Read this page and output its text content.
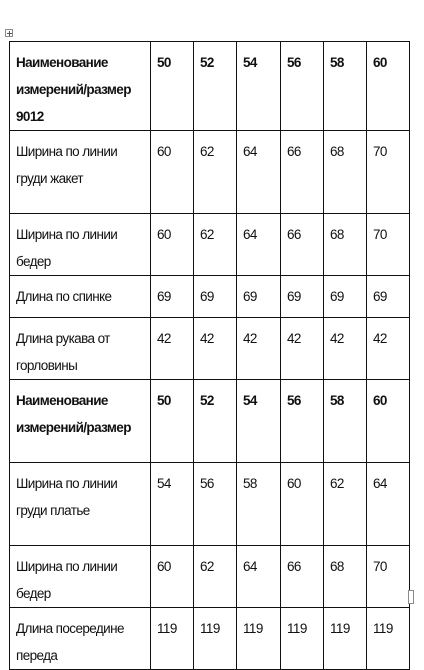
Наименование измерений/размер 9012	50	52	54	56	58	60
Ширина по линии груди жакет	60	62	64	66	68	70
Ширина по линии бедер	60	62	64	66	68	70
Длина по спинке	69	69	69	69	69	69
Длина рукава от горловины	42	42	42	42	42	42
Наименование измерений/размер	50	52	54	56	58	60
Ширина по линии груди платье	54	56	58	60	62	64
Ширина по линии бедер	60	62	64	66	68	70
Длина посередине переда	119	119	119	119	119	119
